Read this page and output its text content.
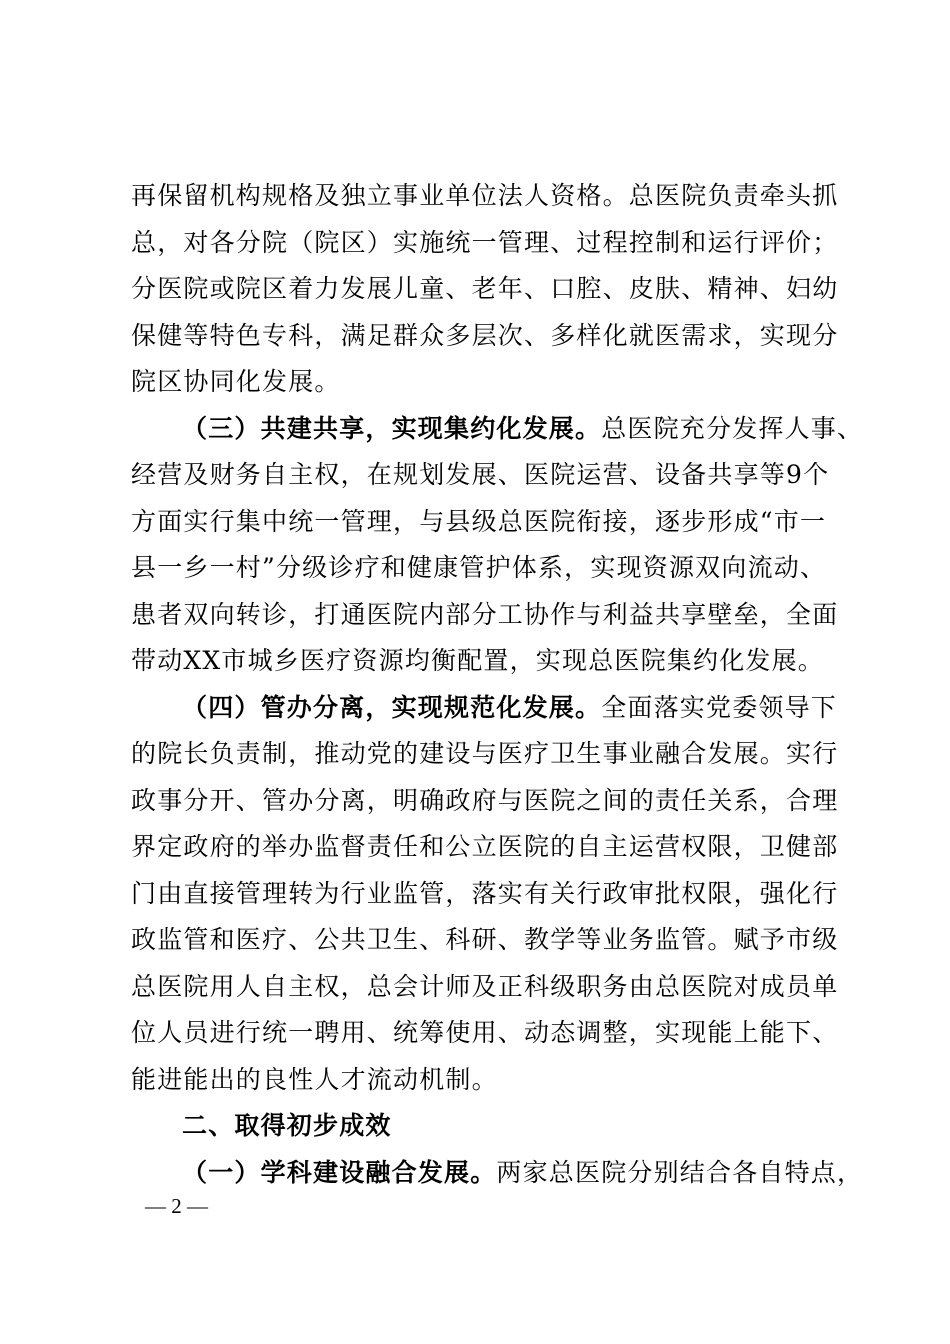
再保留机构规格及独立事业单位法人资格。总医院负责牵头抓
总，对各分院（院区）实施统一管理、过程控制和运行评价；
分医院或院区着力发展儿童、老年、口腔、皮肤、精神、妇幼
保健等特色专科，满足群众多层次、多样化就医需求，实现分
院区协同化发展。
（三）共建共享，实现集约化发展。总医院充分发挥人事、
经营及财务自主权，在规划发展、医院运营、设备共享等9个
方面实行集中统一管理，与县级总医院衔接，逐步形成“市一
县一乡一村”分级诊疗和健康管护体系，实现资源双向流动、
患者双向转诊，打通医院内部分工协作与利益共享壁垒，全面
带动XX市城乡医疗资源均衡配置，实现总医院集约化发展。
（四）管办分离，实现规范化发展。全面落实党委领导下
的院长负责制，推动党的建设与医疗卫生事业融合发展。实行
政事分开、管办分离，明确政府与医院之间的责任关系，合理
界定政府的举办监督责任和公立医院的自主运营权限，卫健部
门由直接管理转为行业监管，落实有关行政审批权限，强化行
政监管和医疗、公共卫生、科研、教学等业务监管。赋予市级
总医院用人自主权，总会计师及正科级职务由总医院对成员单
位人员进行统一聘用、统筹使用、动态调整，实现能上能下、
能进能出的良性人才流动机制。
二、取得初步成效
（一）学科建设融合发展。两家总医院分别结合各自特点，
— 2 —
